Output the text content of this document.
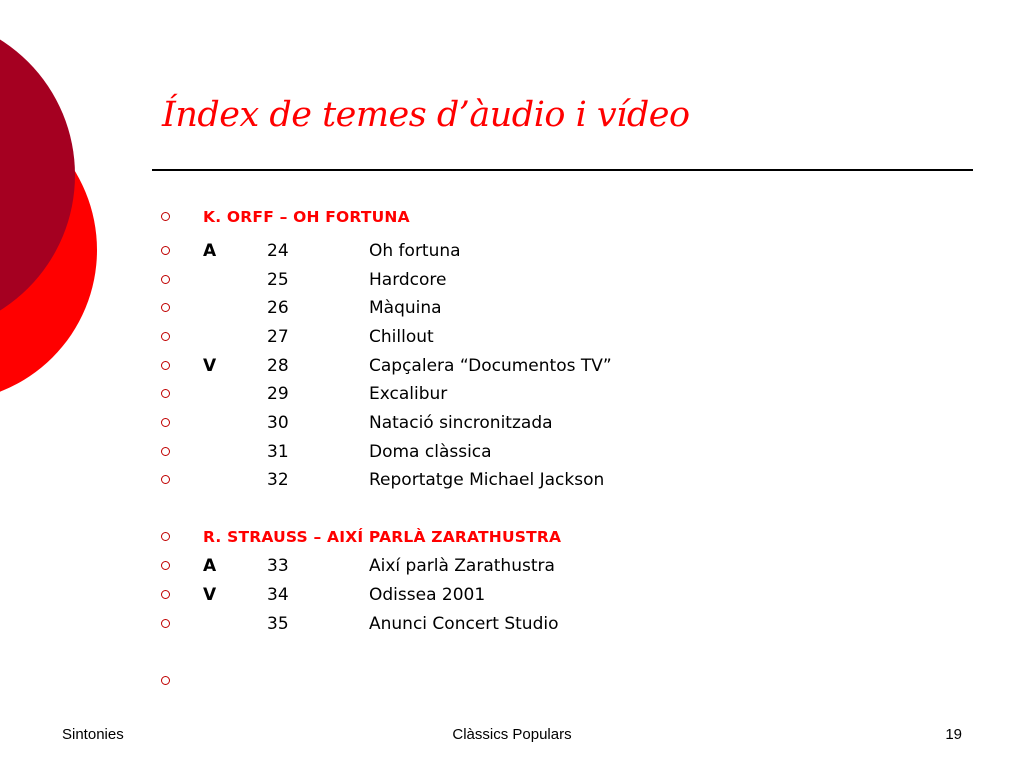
Índex de temes d’àudio i vídeo
K. ORFF – OH FORTUNA
A	24	Oh fortuna
25	Hardcore
26	Màquina
27	Chillout
V	28	Capçalera “Documentos TV”
29	Excalibur
30	Natació sincronitzada
31	Doma clàssica
32	Reportatge Michael Jackson
R. STRAUSS – AIXÍ PARLÀ ZARATHUSTRA
A	33	Així parlà Zarathustra
V	34	Odissea 2001
35	Anunci Concert Studio
Sintonies	Clàssics Populars	19
